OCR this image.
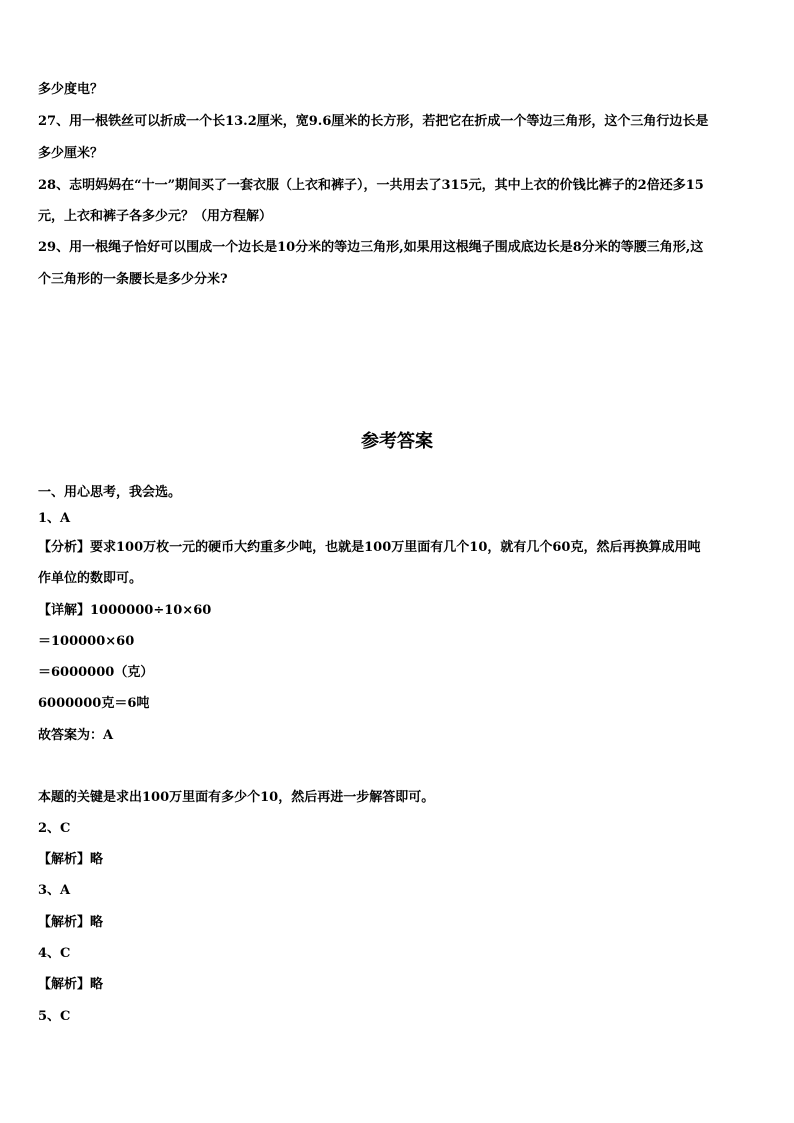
多少度电？
27、用一根铁丝可以折成一个长13.2厘米，宽9.6厘米的长方形，若把它在折成一个等边三角形，这个三角行边长是
多少厘米？
28、志明妈妈在“十一”期间买了一套衣服（上衣和裤子），一共用去了315元，其中上衣的价钱比裤子的2倍还多15
元，上衣和裤子各多少元？（用方程解）
29、用一根绳子恰好可以围成一个边长是10分米的等边三角形,如果用这根绳子围成底边长是8分米的等腰三角形,这
个三角形的一条腰长是多少分米?
参考答案
一、用心思考，我会选。
1、A
【分析】要求100万枚一元的硬币大约重多少吨，也就是100万里面有几个10，就有几个60克，然后再换算成用吨
作单位的数即可。
【详解】1000000÷10×60
＝100000×60
＝6000000（克）
6000000克＝6吨
故答案为：A
本题的关键是求出100万里面有多少个10，然后再进一步解答即可。
2、C
【解析】略
3、A
【解析】略
4、C
【解析】略
5、C
